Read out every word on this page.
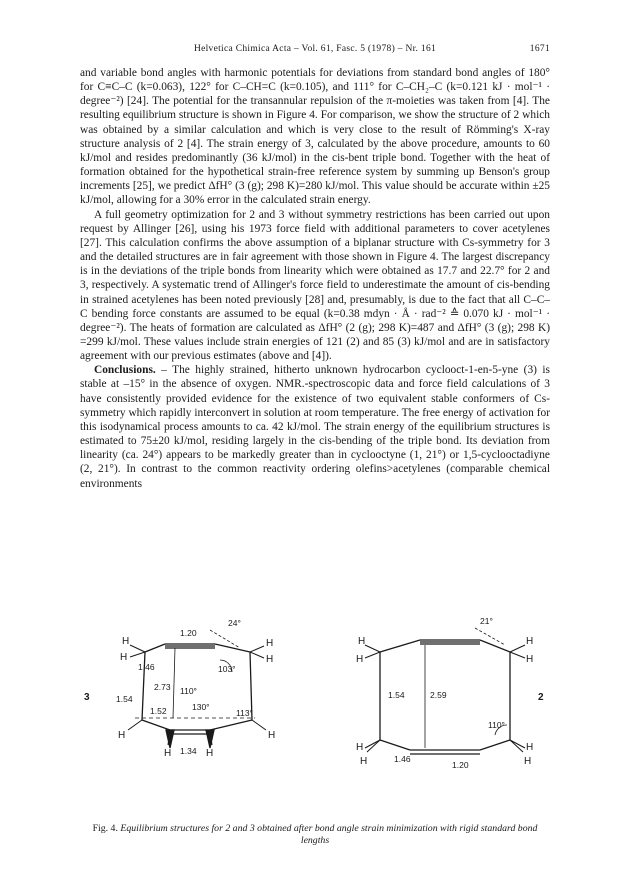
Helvetica Chimica Acta – Vol. 61, Fasc. 5 (1978) – Nr. 161	1671

and variable bond angles with harmonic potentials for deviations from standard bond angles of 180° for C≡C–C (k=0.063), 122° for C–CH=C (k=0.105), and 111° for C–CH₂–C (k=0.121 kJ · mol⁻¹ · degree⁻²) [24]. The potential for the transannular repulsion of the π-moieties was taken from [4]. The resulting equilibrium structure is shown in Figure 4. For comparison, we show the structure of 2 which was obtained by a similar calculation and which is very close to the result of Römming's X-ray structure analysis of 2 [4]. The strain energy of 3, calculated by the above procedure, amounts to 60 kJ/mol and resides predominantly (36 kJ/mol) in the cis-bent triple bond. Together with the heat of formation obtained for the hypothetical strain-free reference system by summing up Benson's group increments [25], we predict ΔfH° (3 (g); 298 K)=280 kJ/mol. This value should be accurate within ±25 kJ/mol, allowing for a 30% error in the calculated strain energy.

A full geometry optimization for 2 and 3 without symmetry restrictions has been carried out upon request by Allinger [26], using his 1973 force field with additional parameters to cover acetylenes [27]. This calculation confirms the above assumption of a biplanar structure with Cs-symmetry for 3 and the detailed structures are in fair agreement with those shown in Figure 4. The largest discrepancy is in the deviations of the triple bonds from linearity which were obtained as 17.7 and 22.7° for 2 and 3, respectively. A systematic trend of Allinger's force field to underestimate the amount of cis-bending in strained acetylenes has been noted previously [28] and, presumably, is due to the fact that all C–C–C bending force constants are assumed to be equal (k=0.38 mdyn · Å · rad⁻² ≙ 0.070 kJ · mol⁻¹ · degree⁻²). The heats of formation are calculated as ΔfH° (2 (g); 298 K)=487 and ΔfH° (3 (g); 298 K) =299 kJ/mol. These values include strain energies of 121 (2) and 85 (3) kJ/mol and are in satisfactory agreement with our previous estimates (above and [4]).

Conclusions. – The highly strained, hitherto unknown hydrocarbon cyclooct-1-en-5-yne (3) is stable at –15° in the absence of oxygen. NMR.-spectroscopic data and force field calculations of 3 have consistently provided evidence for the existence of two equivalent stable conformers of Cs-symmetry which rapidly interconvert in solution at room temperature. The free energy of activation for this isodynamical process amounts to ca. 42 kJ/mol. The strain energy of the equilibrium structures is estimated to 75±20 kJ/mol, residing largely in the cis-bending of the triple bond. Its deviation from linearity (ca. 24°) appears to be markedly greater than in cyclooctyne (1, 21°) or 1,5-cyclooctadiyne (2, 21°). In contrast to the common reactivity ordering olefins>acetylenes (comparable chemical environments

3	2
1.20
24°
1.46	103°
1.54
2.73 110°
130°
1.52	113°
1.34
H
H
H
H
H
H	H
H
21°
1.54	2.59
110°
1.46
1.20
H
H
H
H
H
H
H
H
Fig. 4. Equilibrium structures for 2 and 3 obtained after bond angle strain minimization with rigid standard bond lengths
